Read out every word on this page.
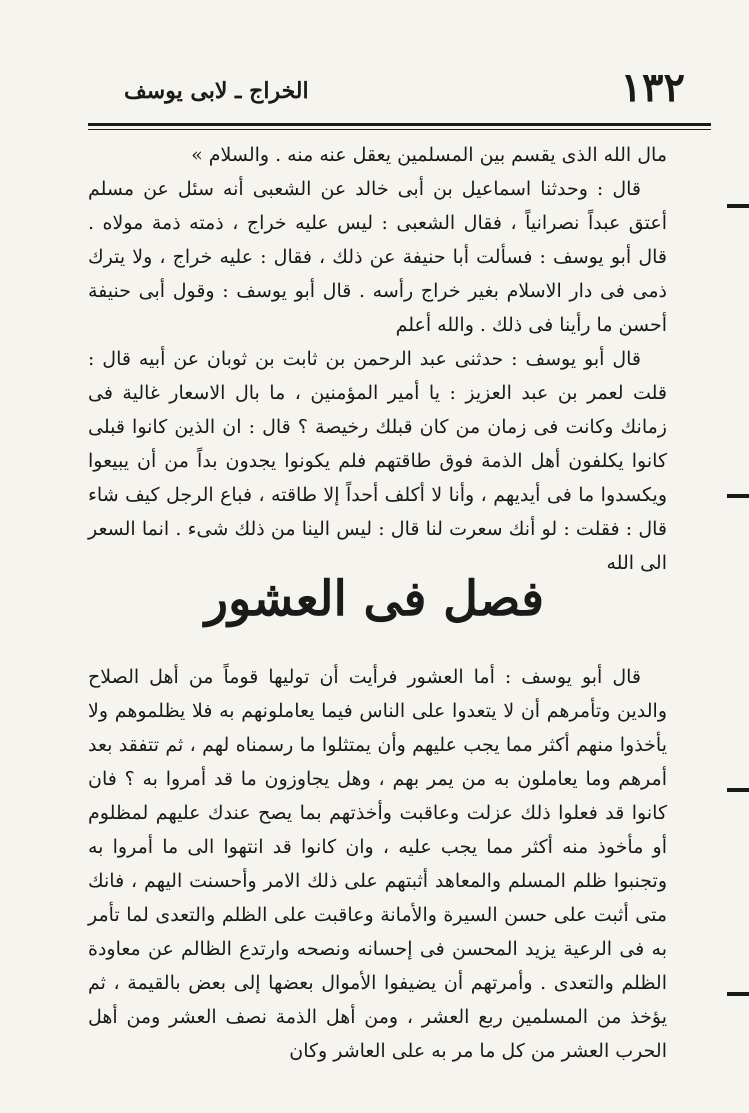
١٣٢
الخراج ـ لابى يوسف

مال الله الذى يقسم بين المسلمين يعقل عنه منه . والسلام »

قال : وحدثنا اسماعيل بن أبى خالد عن الشعبى أنه سئل عن مسلم أعتق عبداً نصرانياً ، فقال الشعبى : ليس عليه خراج ، ذمته ذمة مولاه . قال أبو يوسف : فسألت أبا حنيفة عن ذلك ، فقال : عليه خراج ، ولا يترك ذمى فى دار الاسلام بغير خراج رأسه . قال أبو يوسف : وقول أبى حنيفة أحسن ما رأينا فى ذلك . والله أعلم

قال أبو يوسف : حدثنى عبد الرحمن بن ثابت بن ثوبان عن أبيه قال : قلت لعمر بن عبد العزيز : يا أمير المؤمنين ، ما بال الاسعار غالية فى زمانك وكانت فى زمان من كان قبلك رخيصة ؟ قال : ان الذين كانوا قبلى كانوا يكلفون أهل الذمة فوق طاقتهم فلم يكونوا يجدون بداً من أن يبيعوا ويكسدوا ما فى أيديهم ، وأنا لا أكلف أحداً إلا طاقته ، فباع الرجل كيف شاء قال : فقلت : لو أنك سعرت لنا قال : ليس الينا من ذلك شىء . انما السعر الى الله

فصل فى العشور

قال أبو يوسف : أما العشور فرأيت أن توليها قوماً من أهل الصلاح والدين وتأمرهم أن لا يتعدوا على الناس فيما يعاملونهم به فلا يظلموهم ولا يأخذوا منهم أكثر مما يجب عليهم وأن يمتثلوا ما رسمناه لهم ، ثم تتفقد بعد أمرهم وما يعاملون به من يمر بهم ، وهل يجاوزون ما قد أمروا به ؟ فان كانوا قد فعلوا ذلك عزلت وعاقبت وأخذتهم بما يصح عندك عليهم لمظلوم أو مأخوذ منه أكثر مما يجب عليه ، وان كانوا قد انتهوا الى ما أمروا به وتجنبوا ظلم المسلم والمعاهد أثبتهم على ذلك الامر وأحسنت اليهم ، فانك متى أثبت على حسن السيرة والأمانة وعاقبت على الظلم والتعدى لما تأمر به فى الرعية يزيد المحسن فى إحسانه ونصحه وارتدع الظالم عن معاودة الظلم والتعدى . وأمرتهم أن يضيفوا الأموال بعضها إلى بعض بالقيمة ، ثم يؤخذ من المسلمين ربع العشر ، ومن أهل الذمة نصف العشر ومن أهل الحرب العشر من كل ما مر به على العاشر وكان
